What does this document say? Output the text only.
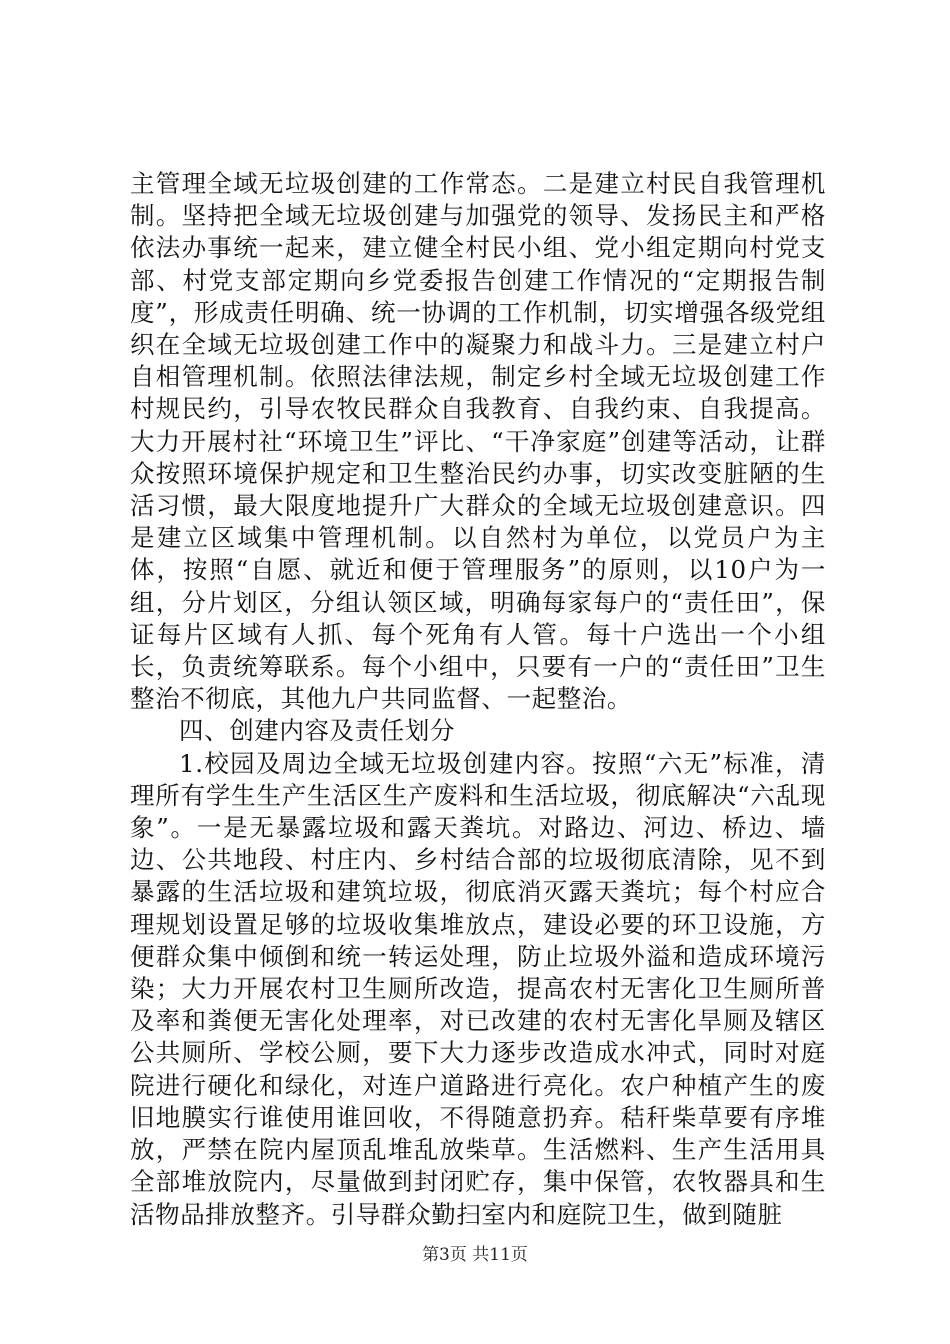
主管理全域无垃圾创建的工作常态。二是建立村民自我管理机制。坚持把全域无垃圾创建与加强党的领导、发扬民主和严格依法办事统一起来，建立健全村民小组、党小组定期向村党支部、村党支部定期向乡党委报告创建工作情况的“定期报告制度”，形成责任明确、统一协调的工作机制，切实增强各级党组织在全域无垃圾创建工作中的凝聚力和战斗力。三是建立村户自相管理机制。依照法律法规，制定乡村全域无垃圾创建工作村规民约，引导农牧民群众自我教育、自我约束、自我提高。大力开展村社“环境卫生”评比、“干净家庭”创建等活动，让群众按照环境保护规定和卫生整治民约办事，切实改变脏陋的生活习惯，最大限度地提升广大群众的全域无垃圾创建意识。四是建立区域集中管理机制。以自然村为单位，以党员户为主体，按照“自愿、就近和便于管理服务”的原则，以10户为一组，分片划区，分组认领区域，明确每家每户的“责任田”，保证每片区域有人抓、每个死角有人管。每十户选出一个小组长，负责统筹联系。每个小组中，只要有一户的“责任田”卫生整治不彻底，其他九户共同监督、一起整治。

四、创建内容及责任划分

1.校园及周边全域无垃圾创建内容。按照“六无”标准，清理所有学生生产生活区生产废料和生活垃圾，彻底解决“六乱现象”。一是无暴露垃圾和露天粪坑。对路边、河边、桥边、墙边、公共地段、村庄内、乡村结合部的垃圾彻底清除，见不到暴露的生活垃圾和建筑垃圾，彻底消灭露天粪坑；每个村应合理规划设置足够的垃圾收集堆放点，建设必要的环卫设施，方便群众集中倾倒和统一转运处理，防止垃圾外溢和造成环境污染；大力开展农村卫生厕所改造，提高农村无害化卫生厕所普及率和粪便无害化处理率，对已改建的农村无害化旱厕及辖区公共厕所、学校公厕，要下大力逐步改造成水冲式，同时对庭院进行硬化和绿化，对连户道路进行亮化。农户种植产生的废旧地膜实行谁使用谁回收，不得随意扔弃。秸秆柴草要有序堆放，严禁在院内屋顶乱堆乱放柴草。生活燃料、生产生活用具全部堆放院内，尽量做到封闭贮存，集中保管，农牧器具和生活物品排放整齐。引导群众勤扫室内和庭院卫生，做到随脏

第3页 共11页
